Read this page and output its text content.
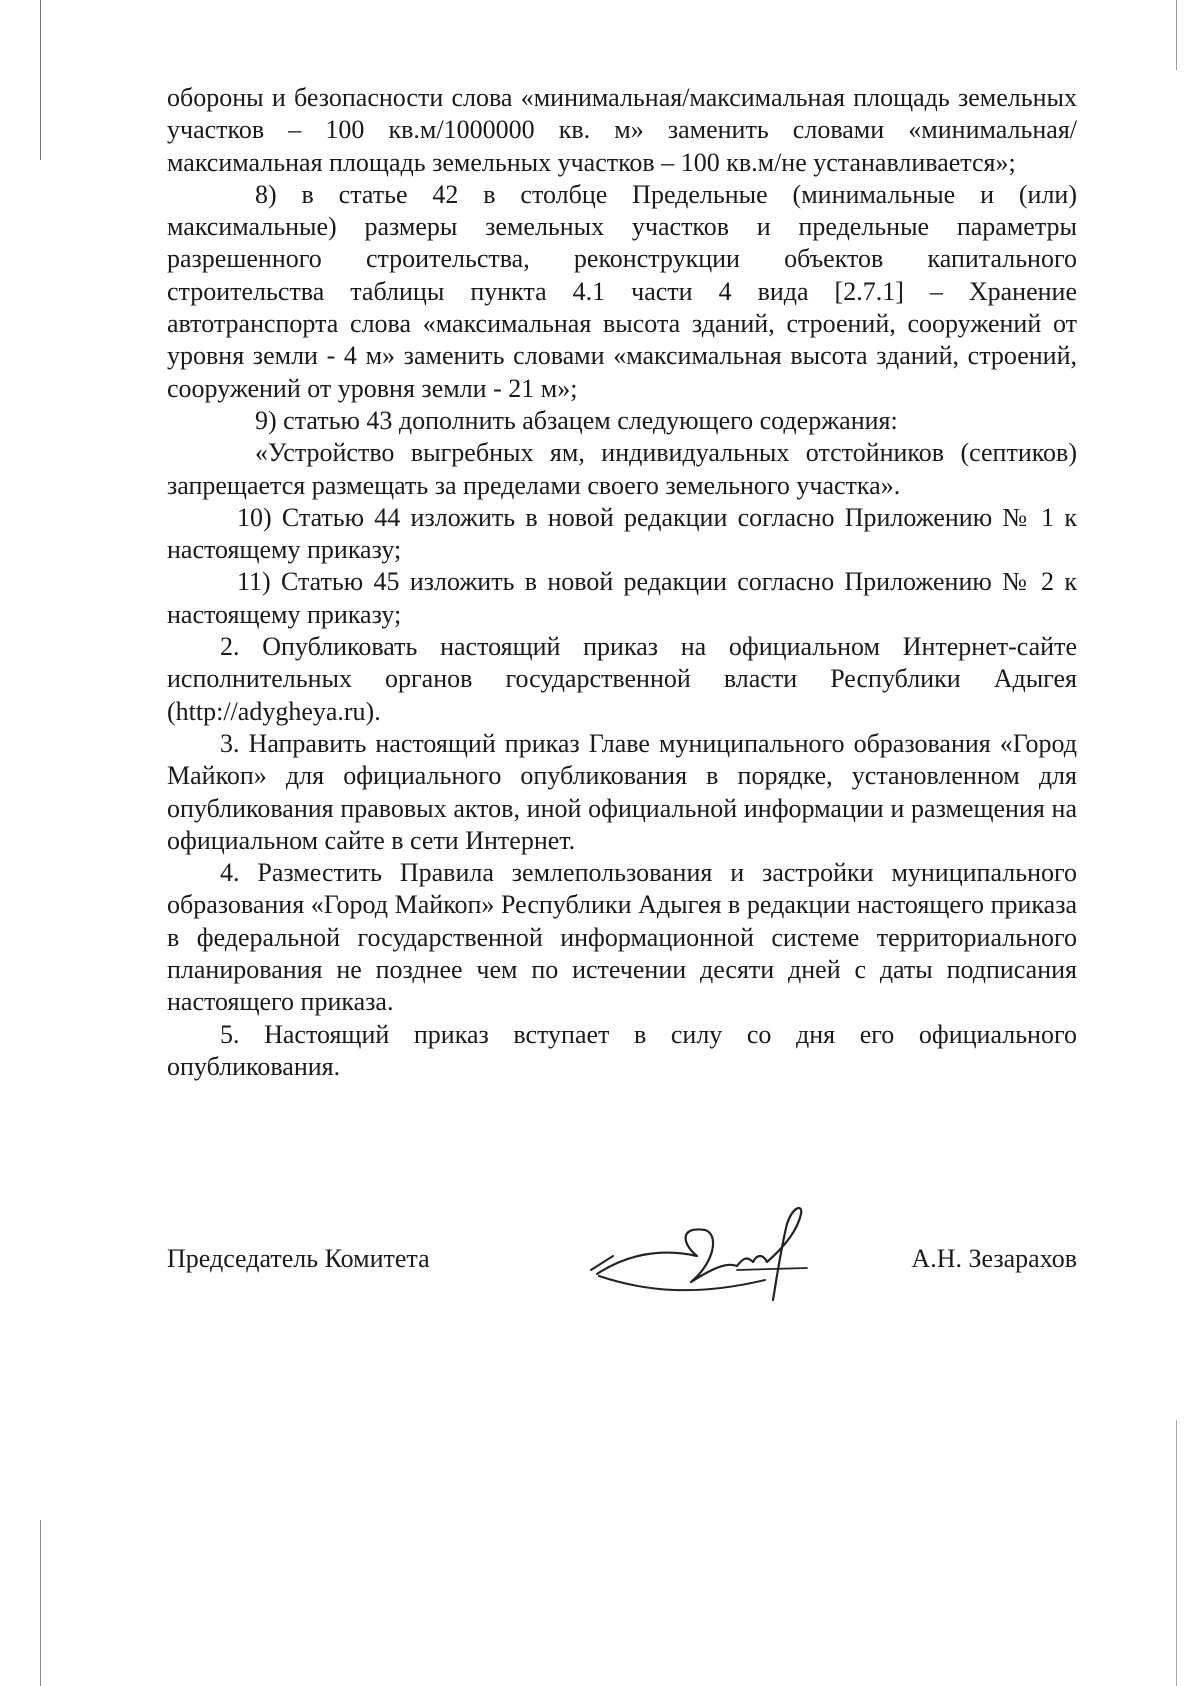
обороны и безопасности слова «минимальная/максимальная площадь земельных участков – 100 кв.м/1000000 кв. м» заменить словами «минимальная/максимальная площадь земельных участков – 100 кв.м/не устанавливается»;

8) в статье 42 в столбце Предельные (минимальные и (или) максимальные) размеры земельных участков и предельные параметры разрешенного строительства, реконструкции объектов капитального строительства таблицы пункта 4.1 части 4 вида [2.7.1] – Хранение автотранспорта слова «максимальная высота зданий, строений, сооружений от уровня земли - 4 м» заменить словами «максимальная высота зданий, строений, сооружений от уровня земли - 21 м»;

9) статью 43 дополнить абзацем следующего содержания:

«Устройство выгребных ям, индивидуальных отстойников (септиков) запрещается размещать за пределами своего земельного участка».

10) Статью 44 изложить в новой редакции согласно Приложению № 1 к настоящему приказу;

11) Статью 45 изложить в новой редакции согласно Приложению № 2 к настоящему приказу;

2. Опубликовать настоящий приказ на официальном Интернет-сайте исполнительных органов государственной власти Республики Адыгея (http://adygheya.ru).

3. Направить настоящий приказ Главе муниципального образования «Город Майкоп» для официального опубликования в порядке, установленном для опубликования правовых актов, иной официальной информации и размещения на официальном сайте в сети Интернет.

4. Разместить Правила землепользования и застройки муниципального образования «Город Майкоп» Республики Адыгея в редакции настоящего приказа в федеральной государственной информационной системе территориального планирования не позднее чем по истечении десяти дней с даты подписания настоящего приказа.

5. Настоящий приказ вступает в силу со дня его официального опубликования.

Председатель Комитета	А.Н. Зезарахов
